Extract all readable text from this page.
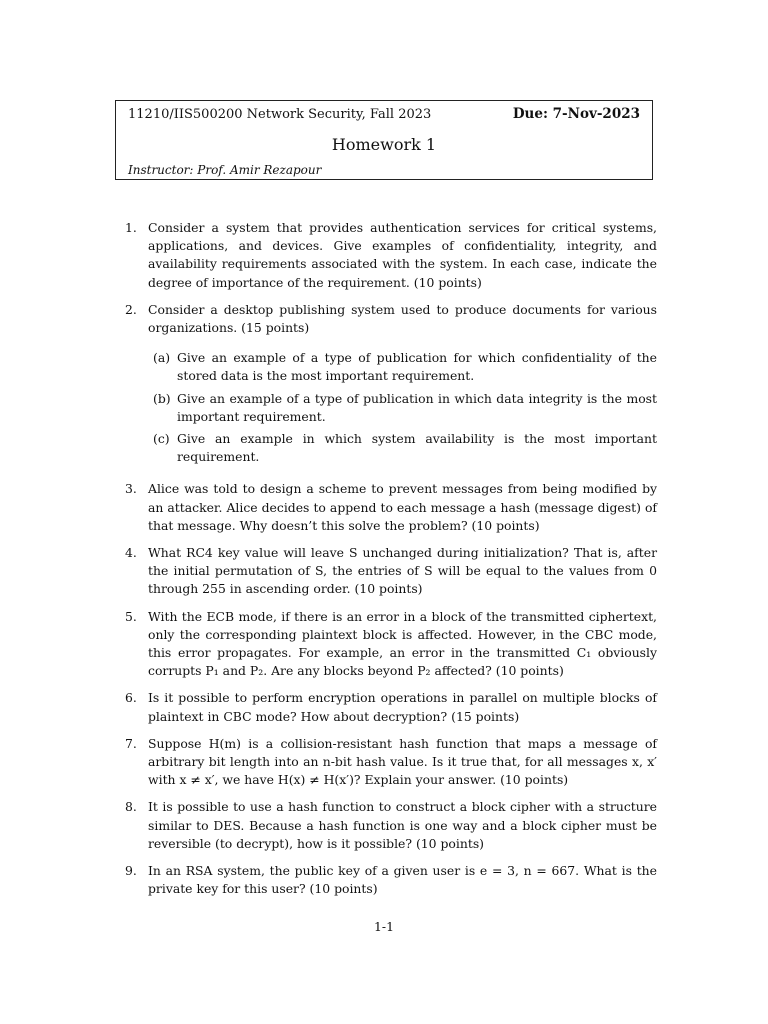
11210/IIS500200 Network Security, Fall 2023	Due: 7-Nov-2023
Homework 1
Instructor: Prof. Amir Rezapour
1. Consider a system that provides authentication services for critical systems, applications, and devices. Give examples of confidentiality, integrity, and availability requirements associated with the system. In each case, indicate the degree of importance of the requirement. (10 points)
2. Consider a desktop publishing system used to produce documents for various organizations. (15 points)
(a) Give an example of a type of publication for which confidentiality of the stored data is the most important requirement.
(b) Give an example of a type of publication in which data integrity is the most important requirement.
(c) Give an example in which system availability is the most important requirement.
3. Alice was told to design a scheme to prevent messages from being modified by an attacker. Alice decides to append to each message a hash (message digest) of that message. Why doesn’t this solve the problem? (10 points)
4. What RC4 key value will leave S unchanged during initialization? That is, after the initial permutation of S, the entries of S will be equal to the values from 0 through 255 in ascending order. (10 points)
5. With the ECB mode, if there is an error in a block of the transmitted ciphertext, only the corresponding plaintext block is affected. However, in the CBC mode, this error propagates. For example, an error in the transmitted C₁ obviously corrupts P₁ and P₂. Are any blocks beyond P₂ affected? (10 points)
6. Is it possible to perform encryption operations in parallel on multiple blocks of plaintext in CBC mode? How about decryption? (15 points)
7. Suppose H(m) is a collision-resistant hash function that maps a message of arbitrary bit length into an n-bit hash value. Is it true that, for all messages x, x′ with x ≠ x′, we have H(x) ≠ H(x′)? Explain your answer. (10 points)
8. It is possible to use a hash function to construct a block cipher with a structure similar to DES. Because a hash function is one way and a block cipher must be reversible (to decrypt), how is it possible? (10 points)
9. In an RSA system, the public key of a given user is e = 3, n = 667. What is the private key for this user? (10 points)
1-1
